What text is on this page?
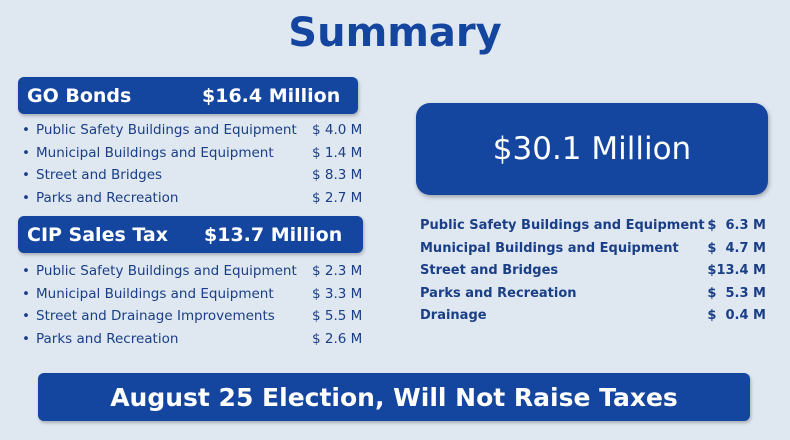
Summary
GO Bonds	$16.4 Million
• Public Safety Buildings and Equipment $ 4.0 M
• Municipal Buildings and Equipment	$ 1.4 M
• Street and Bridges	$ 8.3 M
• Parks and Recreation	$ 2.7 M
CIP Sales Tax $13.7 Million
• Public Safety Buildings and Equipment $ 2.3 M
• Municipal Buildings and Equipment	$ 3.3 M
• Street and Drainage Improvements	$ 5.5 M
• Parks and Recreation	$ 2.6 M
$30.1 Million
Public Safety Buildings and Equipment $  6.3 M
Municipal Buildings and Equipment $  4.7 M
Street and Bridges	$13.4 M
Parks and Recreation	$  5.3 M
Drainage	$  0.4 M
August 25 Election, Will Not Raise Taxes
